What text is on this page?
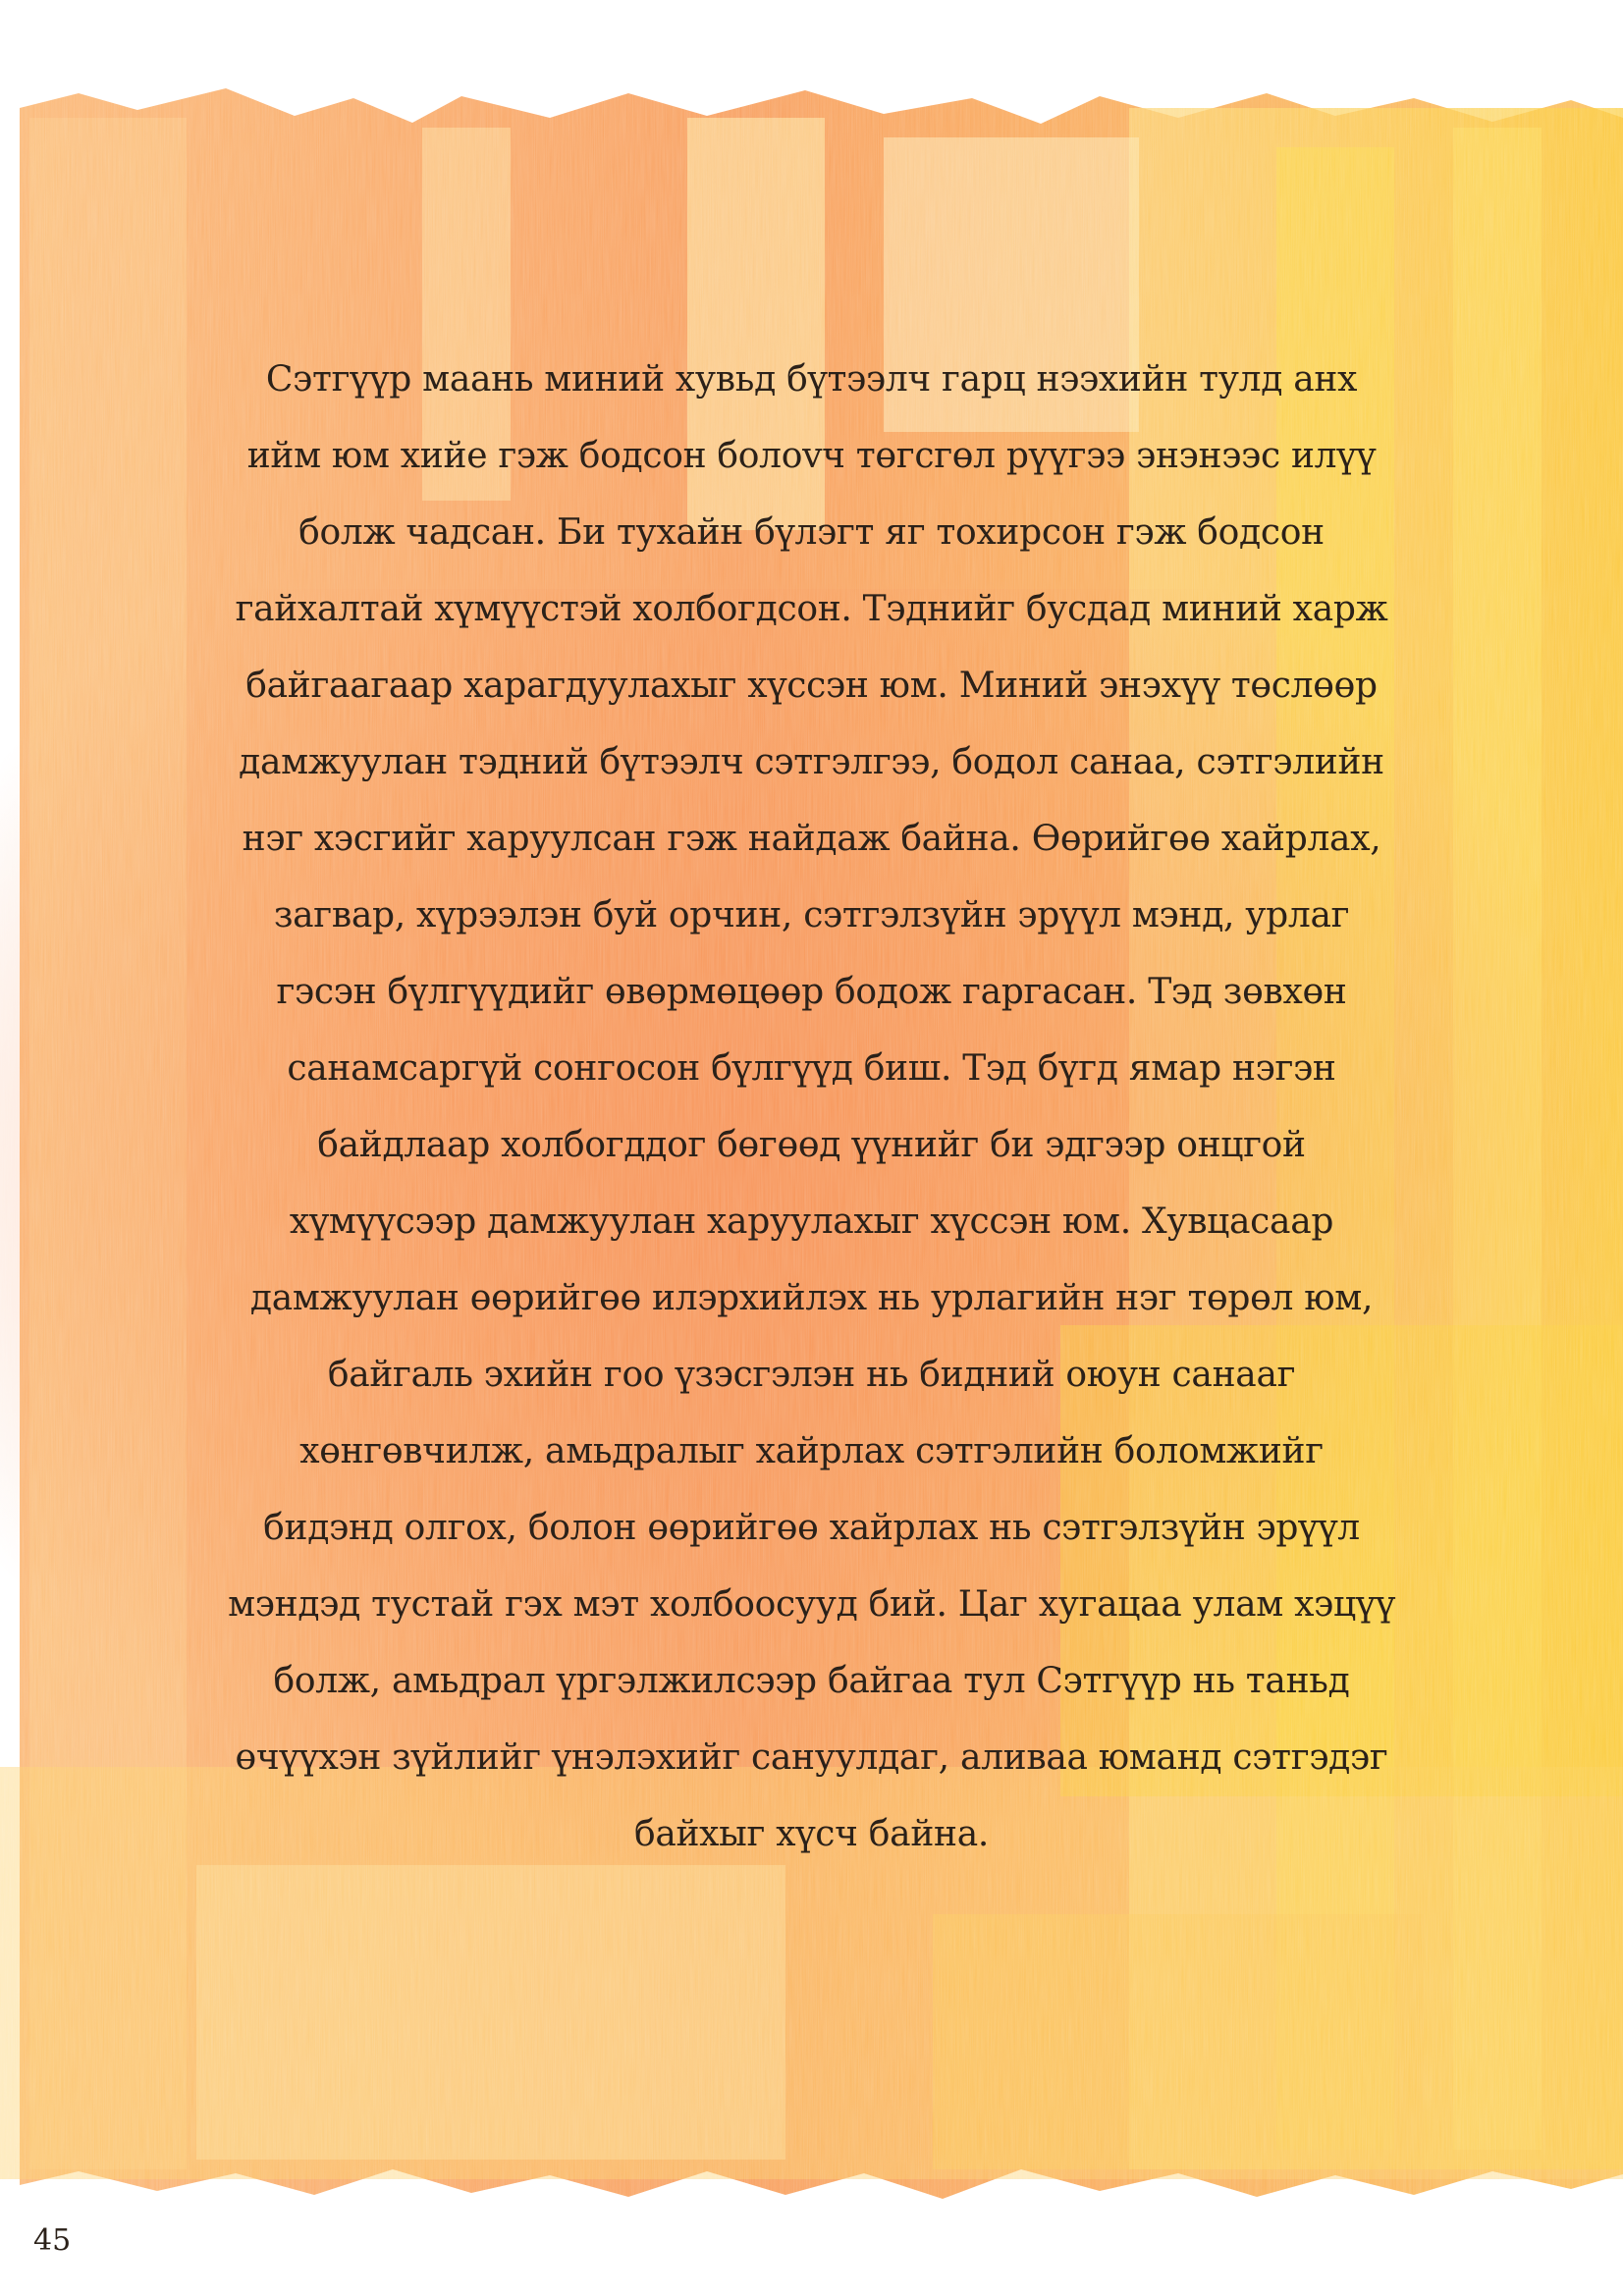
Сэтгүүр маань миний хувьд бүтээлч гарц нээхийн тулд анх
ийм юм хийе гэж бодсон болovч төгсгөл рүүгээ энэнээс илүү
болж чадсан. Би тухайн бүлэгт яг тохирсон гэж бодсон
гайхалтай хүмүүстэй холбогдсон. Тэднийг бусдад миний харж
байгаагаар харагдуулахыг хүссэн юм. Миний энэхүү төслөөр
дамжуулан тэдний бүтээлч сэтгэлгээ, бодол санаа, сэтгэлийн
нэг хэсгийг харуулсан гэж найдаж байна. Өөрийгөө хайрлах,
загвар, хүрээлэн буй орчин, сэтгэлзүйн эрүүл мэнд, урлаг
гэсэн бүлгүүдийг өвөрмөцөөр бодож гаргасан. Тэд зөвхөн
санамсаргүй сонгосон бүлгүүд биш. Тэд бүгд ямар нэгэн
байдлаар холбогддог бөгөөд үүнийг би эдгээр онцгой
хүмүүсээр дамжуулан харуулахыг хүссэн юм. Хувцасаар
дамжуулан өөрийгөө илэрхийлэх нь урлагийн нэг төрөл юм,
байгаль эхийн гоо үзэсгэлэн нь бидний оюун санааг
хөнгөвчилж, амьдралыг хайрлах сэтгэлийн боломжийг
бидэнд олгох, болон өөрийгөө хайрлах нь сэтгэлзүйн эрүүл
мэндэд тустай гэх мэт холбоосууд бий. Цаг хугацаа улам хэцүү
болж, амьдрал үргэлжилсээр байгаа тул Сэтгүүр нь таньд
өчүүхэн зүйлийг үнэлэхийг сануулдаг, аливаа юманд сэтгэдэг
байхыг хүсч байна.

45
